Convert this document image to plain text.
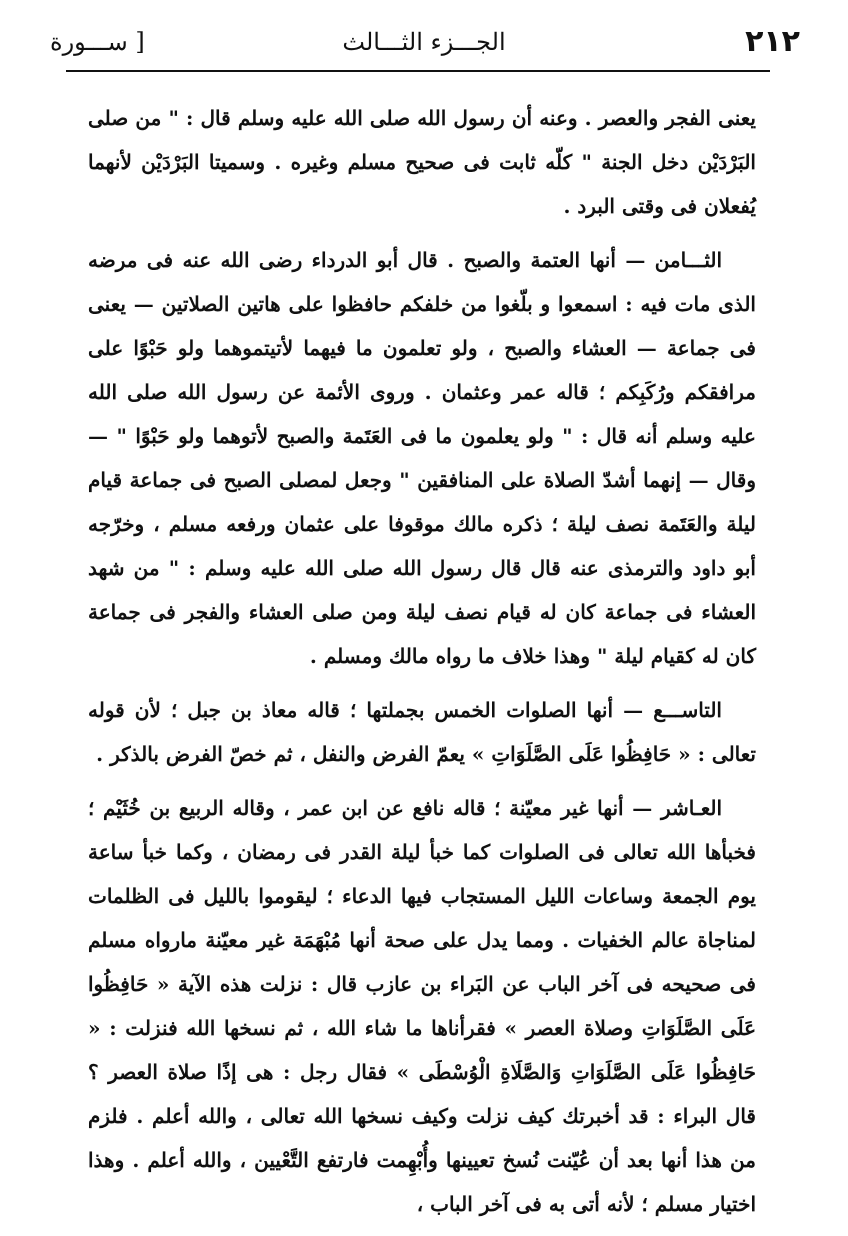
٢١٢
الجـــزء الثـــالث
[ ســـورة

يعنى الفجر والعصر . وعنه أن رسول الله صلى الله عليه وسلم قال : " من صلى البَرْدَيْن دخل الجنة " كلّه ثابت فى صحيح مسلم وغيره . وسميتا البَرْدَيْن لأنهما يُفعلان فى وقتى البرد .

الثـــامن — أنها العتمة والصبح . قال أبو الدرداء رضى الله عنه فى مرضه الذى مات فيه : اسمعوا و بلّغوا من خلفكم حافظوا على هاتين الصلاتين — يعنى فى جماعة — العشاء والصبح ، ولو تعلمون ما فيهما لأتيتموهما ولو حَبْوًا على مرافقكم ورُكَبِكم ؛ قاله عمر وعثمان . وروى الأئمة عن رسول الله صلى الله عليه وسلم أنه قال : " ولو يعلمون ما فى العَتَمة والصبح لأتوهما ولو حَبْوًا " — وقال — إنهما أشدّ الصلاة على المنافقين " وجعل لمصلى الصبح فى جماعة قيام ليلة والعَتَمة نصف ليلة ؛ ذكره مالك موقوفا على عثمان ورفعه مسلم ، وخرّجه أبو داود والترمذى عنه قال قال رسول الله صلى الله عليه وسلم : " من شهد العشاء فى جماعة كان له قيام نصف ليلة ومن صلى العشاء والفجر فى جماعة كان له كقيام ليلة " وهذا خلاف ما رواه مالك ومسلم .

التاســـع — أنها الصلوات الخمس بجملتها ؛ قاله معاذ بن جبل ؛ لأن قوله تعالى : « حَافِظُوا عَلَى الصَّلَوَاتِ » يعمّ الفرض والنفل ، ثم خصّ الفرض بالذكر .

العـاشر — أنها غير معيّنة ؛ قاله نافع عن ابن عمر ، وقاله الربيع بن خُثَيْم ؛ فخبأها الله تعالى فى الصلوات كما خبأ ليلة القدر فى رمضان ، وكما خبأ ساعة يوم الجمعة وساعات الليل المستجاب فيها الدعاء ؛ ليقوموا بالليل فى الظلمات لمناجاة عالم الخفيات . ومما يدل على صحة أنها مُبْهَمَة غير معيّنة مارواه مسلم فى صحيحه فى آخر الباب عن البَراء بن عازب قال : نزلت هذه الآية « حَافِظُوا عَلَى الصَّلَوَاتِ وصلاة العصر » فقرأناها ما شاء الله ، ثم نسخها الله فنزلت : « حَافِظُوا عَلَى الصَّلَوَاتِ وَالصَّلَاةِ الْوُسْطَى » فقال رجل : هى إذًا صلاة العصر ؟ قال البراء : قد أخبرتك كيف نزلت وكيف نسخها الله تعالى ، والله أعلم . فلزم من هذا أنها بعد أن عُيّنت نُسخ تعيينها وأُبْهِمت فارتفع التَّعْيين ، والله أعلم . وهذا اختيار مسلم ؛ لأنه أتى به فى آخر الباب ،
